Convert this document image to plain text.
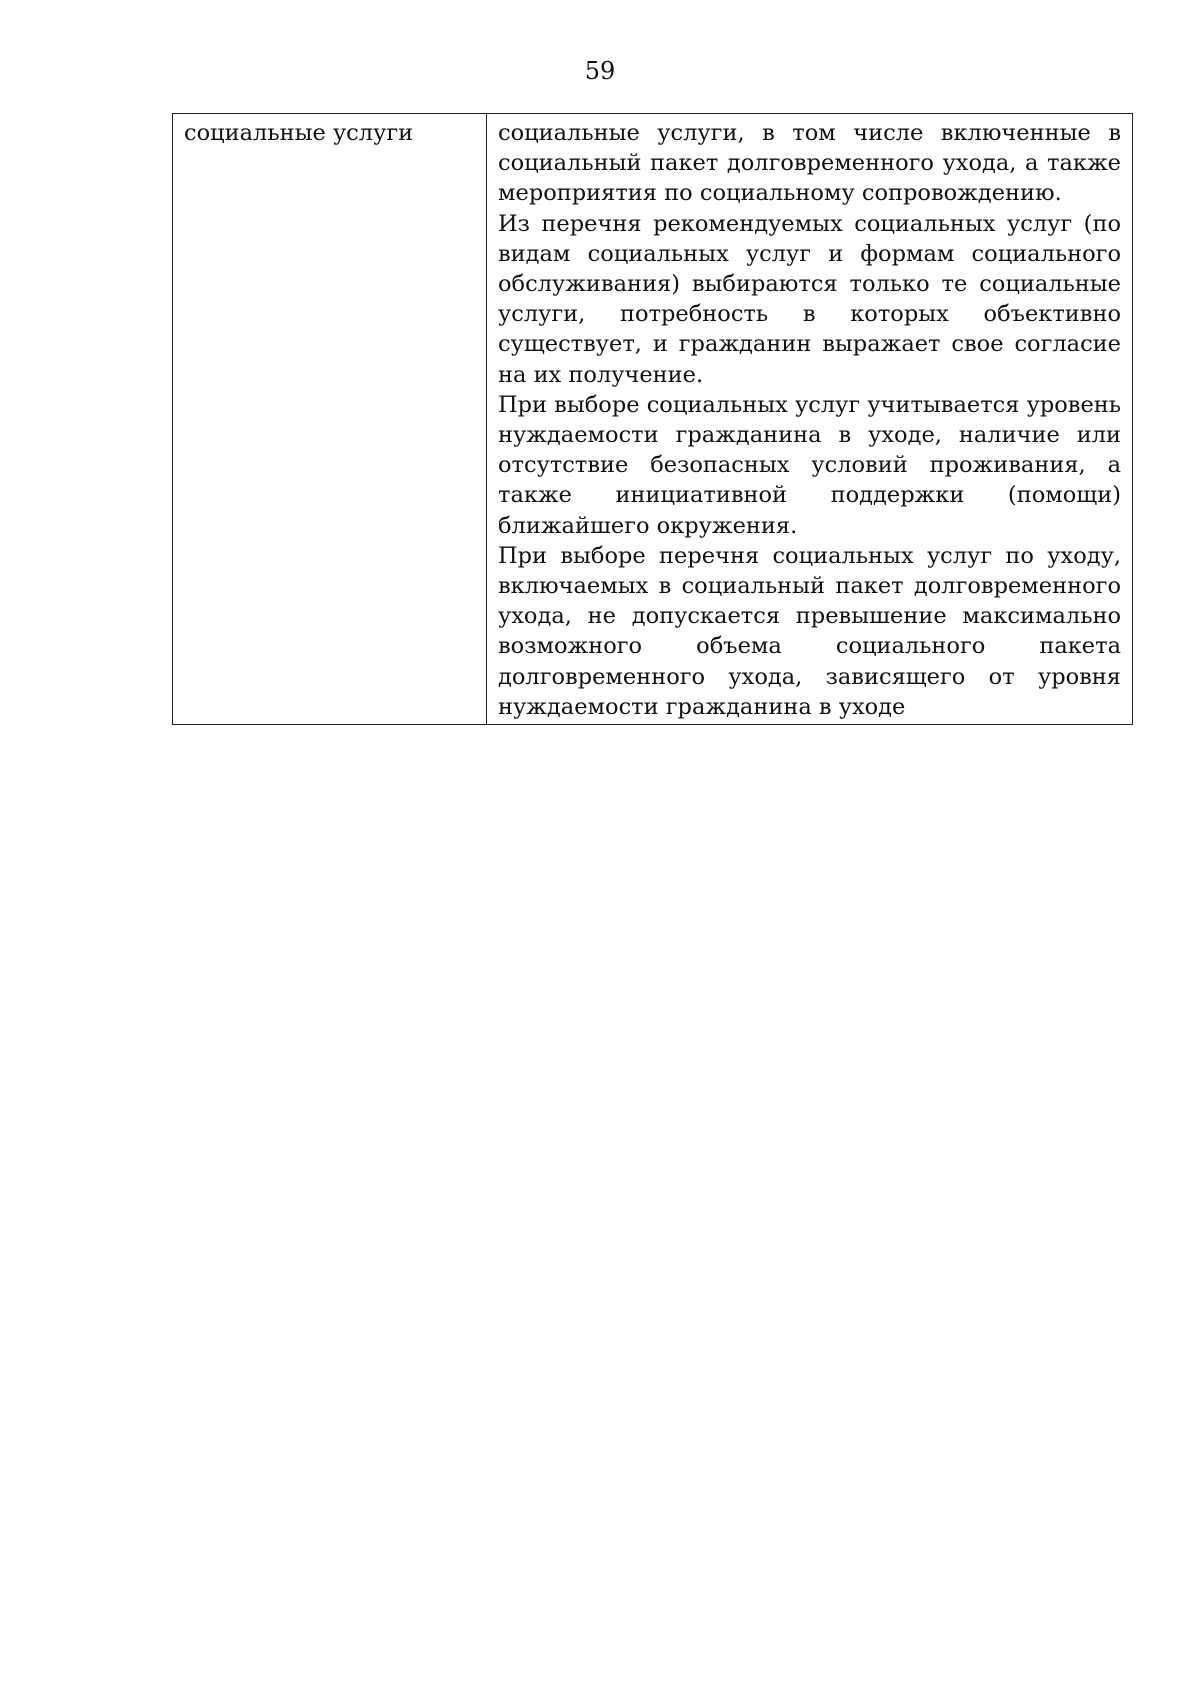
59
социальные услуги	социальные услуги, в том числе включенные в социальный пакет долговременного ухода, а также мероприятия по социальному сопровождению.

Из перечня рекомендуемых социальных услуг (по видам социальных услуг и формам социального обслуживания) выбираются только те социальные услуги, потребность в которых объективно существует, и гражданин выражает свое согласие на их получение.

При выборе социальных услуг учитывается уровень нуждаемости гражданина в уходе, наличие или отсутствие безопасных условий проживания, а также инициативной поддержки (помощи) ближайшего окружения.

При выборе перечня социальных услуг по уходу, включаемых в социальный пакет долговременного ухода, не допускается превышение максимально возможного объема социального пакета долговременного ухода, зависящего от уровня нуждаемости гражданина в уходе
